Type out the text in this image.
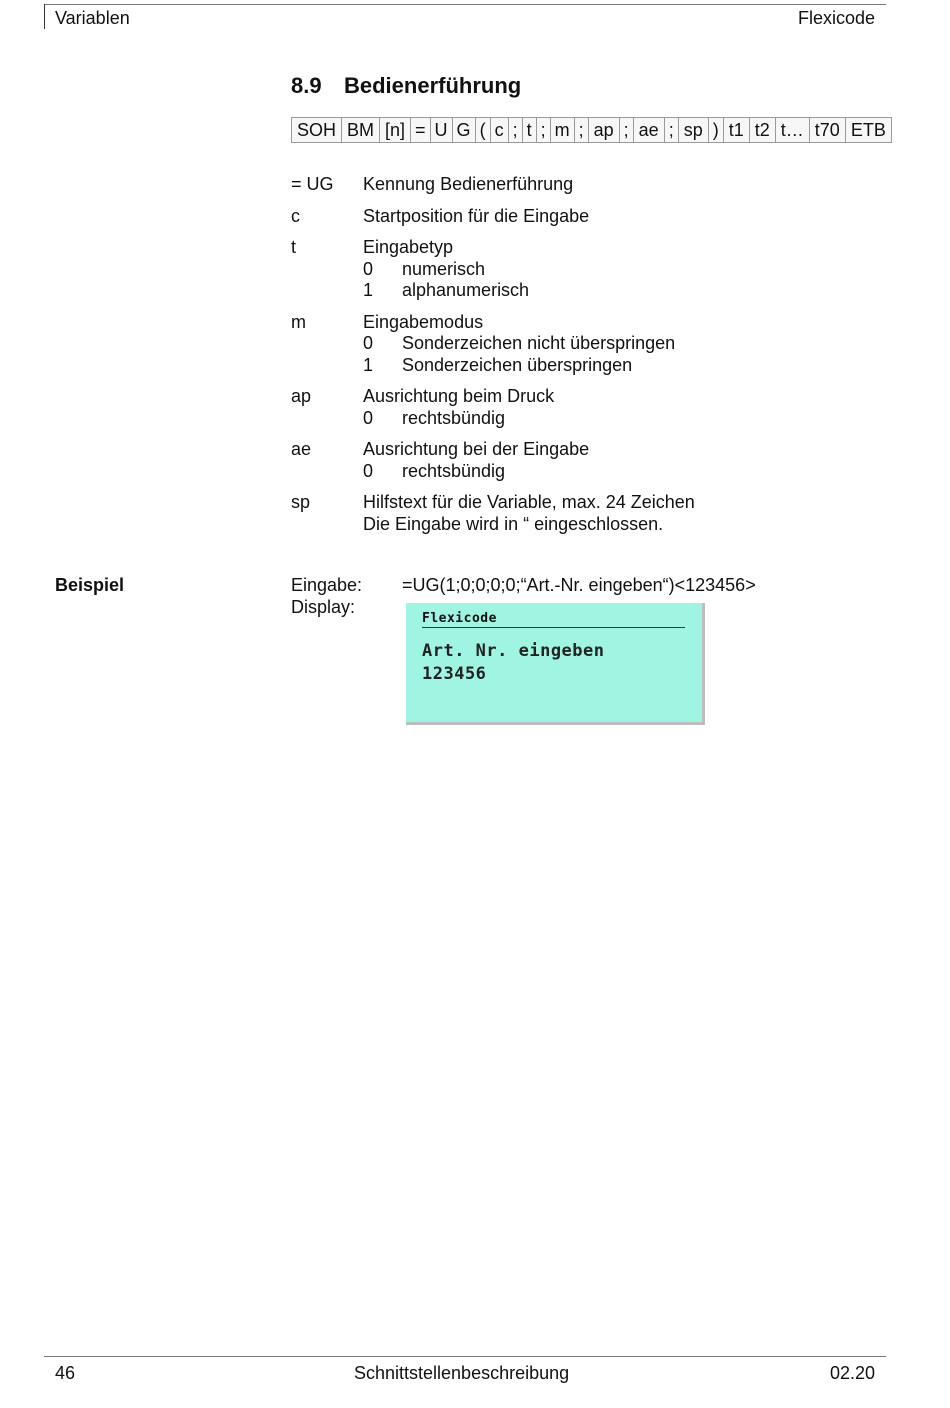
Variablen	Flexicode
8.9 Bedienerführung
SOH BM [n] = U G ( c ; t ; m ; ap ; ae ; sp ) t1 t2 t… t70 ETB
= UG	Kennung Bedienerführung
c	Startposition für die Eingabe
t	Eingabetyp
0	numerisch
1	alphanumerisch
m	Eingabemodus
0	Sonderzeichen nicht überspringen
1	Sonderzeichen überspringen
ap	Ausrichtung beim Druck
0	rechtsbündig
ae	Ausrichtung bei der Eingabe
0	rechtsbündig
sp	Hilfstext für die Variable, max. 24 Zeichen
Die Eingabe wird in “ eingeschlossen.
Beispiel	Eingabe: =UG(1;0;0;0;0;“Art.-Nr. eingeben“)<123456>
Display:
Flexicode
Art. Nr. eingeben
123456
46	Schnittstellenbeschreibung	02.20
